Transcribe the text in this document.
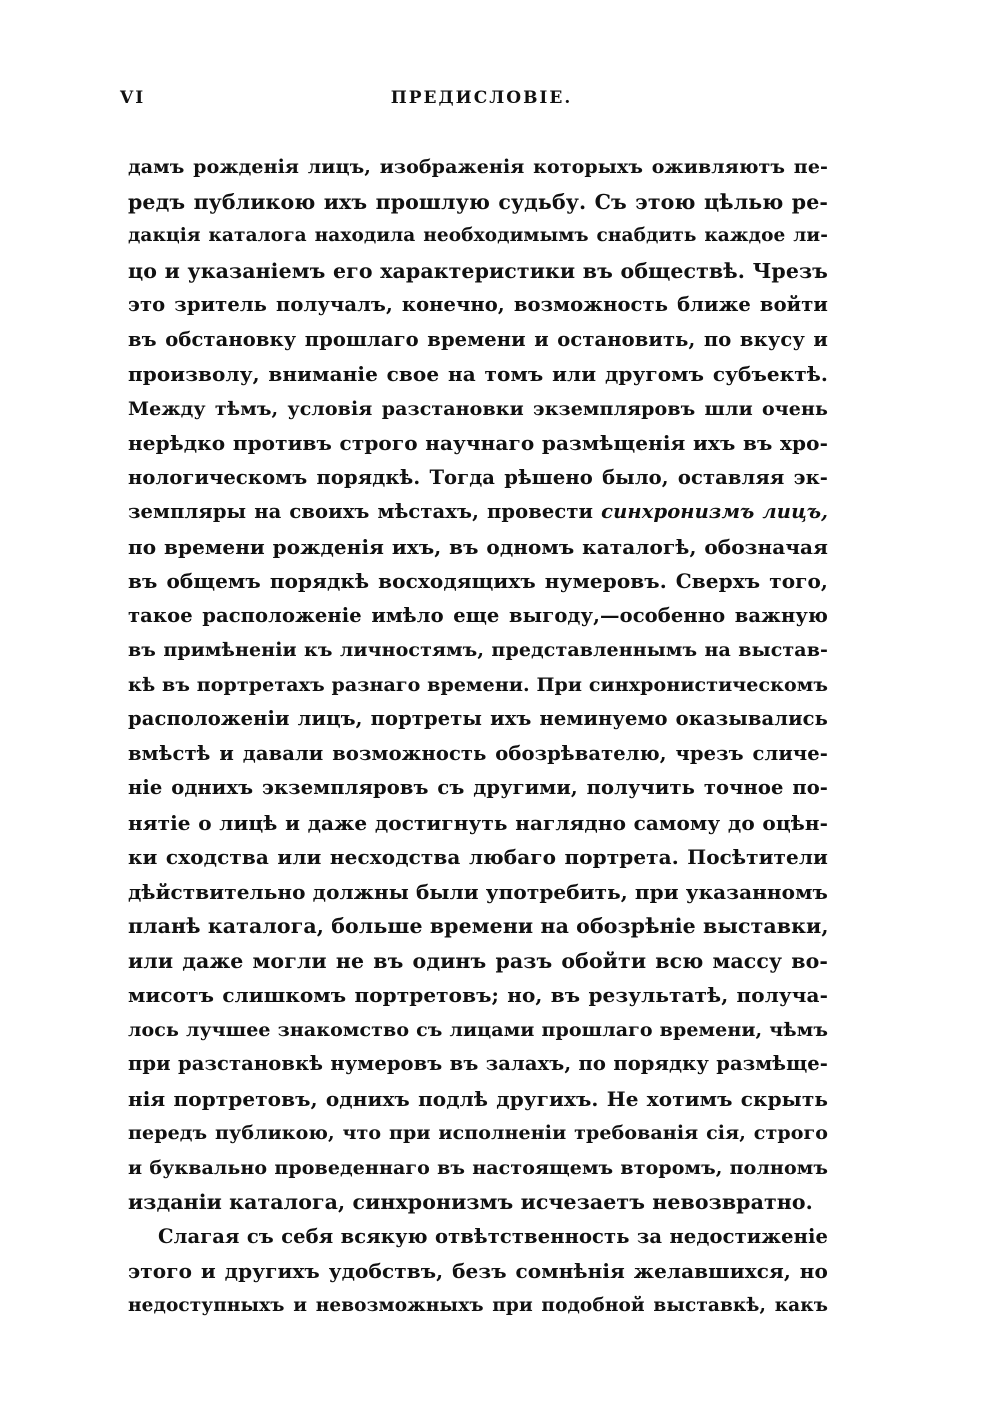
VI	ПРЕДИСЛОВІЕ.
дамъ рожденія лицъ, изображенія которыхъ оживляютъ пе-
редъ публикою ихъ прошлую судьбу. Съ этою цѣлью ре-
дакція каталога находила необходимымъ снабдить каждое ли-
цо и указаніемъ его характеристики въ обществѣ. Чрезъ
это зритель получалъ, конечно, возможность ближе войти
въ обстановку прошлаго времени и остановить, по вкусу и
произволу, вниманіе свое на томъ или другомъ субъектѣ.
Между тѣмъ, условія разстановки экземпляровъ шли очень
нерѣдко противъ строго научнаго размѣщенія ихъ въ хро-
нологическомъ порядкѣ. Тогда рѣшено было, оставляя эк-
земпляры на своихъ мѣстахъ, провести синхронизмъ лицъ,
по времени рожденія ихъ, въ одномъ каталогѣ, обозначая
въ общемъ порядкѣ восходящихъ нумеровъ. Сверхъ того,
такое расположеніе имѣло еще выгоду,—особенно важную
въ примѣненіи къ личностямъ, представленнымъ на выстав-
кѣ въ портретахъ разнаго времени. При синхронистическомъ
расположеніи лицъ, портреты ихъ неминуемо оказывались
вмѣстѣ и давали возможность обозрѣвателю, чрезъ сличе-
ніе однихъ экземпляровъ съ другими, получить точное по-
нятіе о лицѣ и даже достигнуть наглядно самому до оцѣн-
ки сходства или несходства любаго портрета. Посѣтители
дѣйствительно должны были употребить, при указанномъ
планѣ каталога, больше времени на обозрѣніе выставки,
или даже могли не въ одинъ разъ обойти всю массу во-
мисотъ слишкомъ портретовъ; но, въ результатѣ, получа-
лось лучшее знакомство съ лицами прошлаго времени, чѣмъ
при разстановкѣ нумеровъ въ залахъ, по порядку размѣще-
нія портретовъ, однихъ подлѣ другихъ. Не хотимъ скрыть
передъ публикою, что при исполненіи требованія сія, строго
и буквально проведеннаго въ настоящемъ второмъ, полномъ
изданіи каталога, синхронизмъ исчезаетъ невозвратно.
Слагая съ себя всякую отвѣтственность за недостиженіе
этого и другихъ удобствъ, безъ сомнѣнія желавшихся, но
недоступныхъ и невозможныхъ при подобной выставкѣ, какъ
